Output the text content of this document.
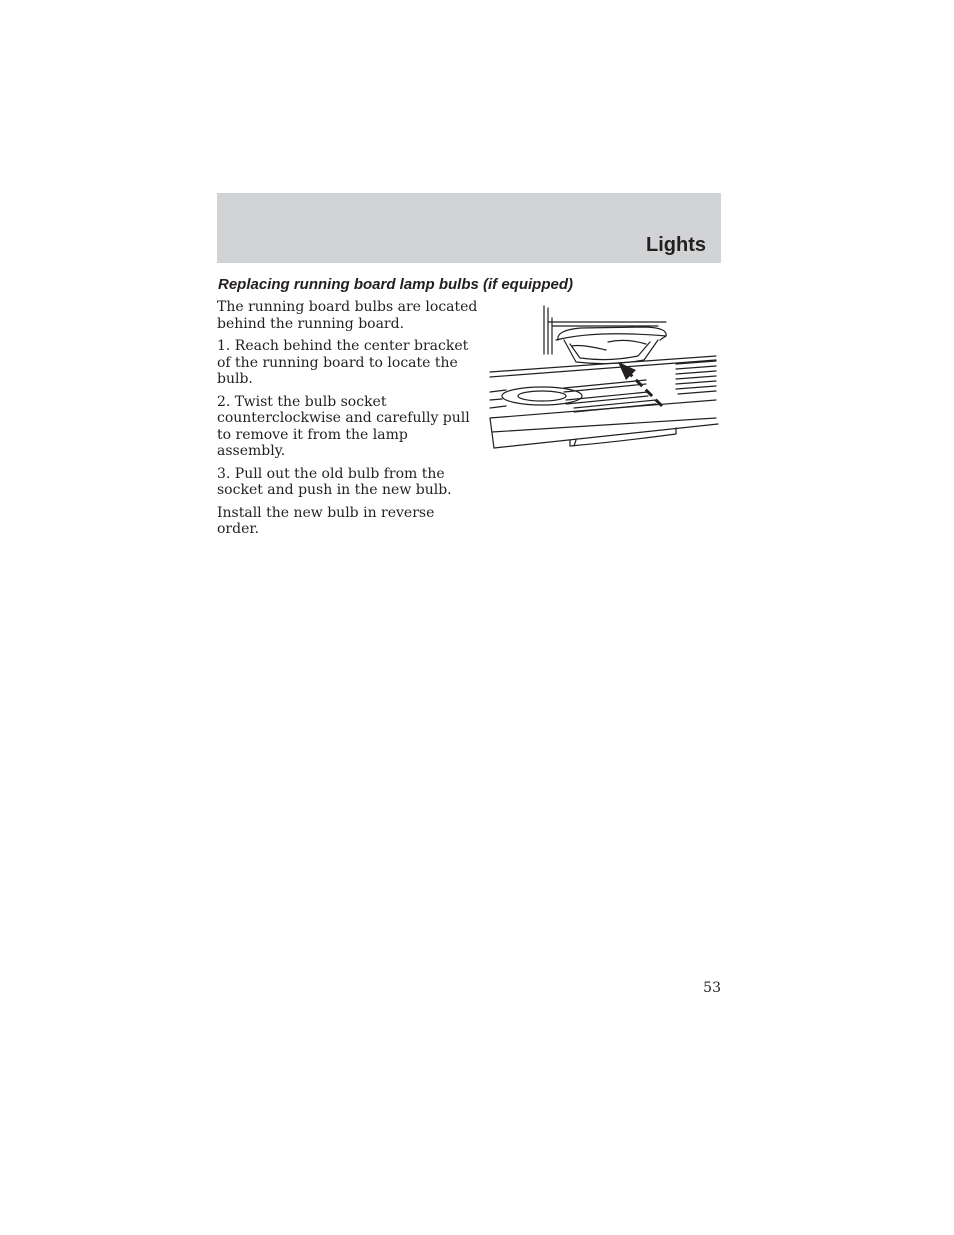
Lights
Replacing running board lamp bulbs (if equipped)

The running board bulbs are located behind the running board.

1. Reach behind the center bracket of the running board to locate the bulb.

2. Twist the bulb socket counterclockwise and carefully pull to remove it from the lamp assembly.

3. Pull out the old bulb from the socket and push in the new bulb.

Install the new bulb in reverse order.

53
